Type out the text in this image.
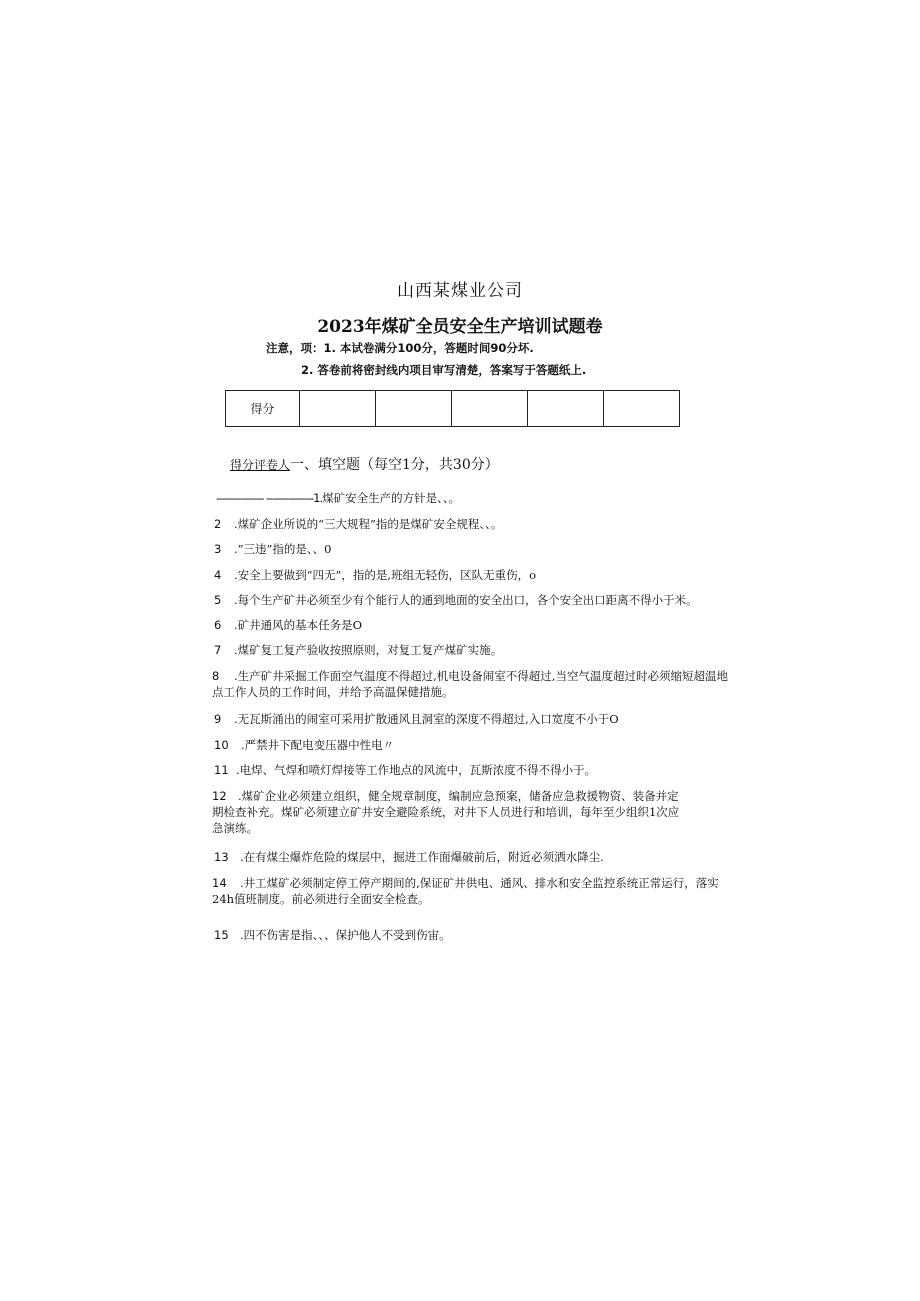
山西某煤业公司
2023年煤矿全员安全生产培训试题卷
注意，项：1. 本试卷满分100分，答题时间90分坏.
2. 答卷前将密封线内项目审写清楚，答案写于答题纸上.
得分					
得分评卷人一、填空题（每空1分，共30分）
--------------- ---------------1.煤矿安全生产的方针是、、。
2 .煤矿企业所说的“三大规程”指的是煤矿安全规程、、。
3 .”三违”指的是、、0
4 .安全上要做到“四无”，指的是,班组无轻伤，区队无重伤，o
5 .每个生产矿井必须至少有个能行人的通到地面的安全出口，各个安全出口距离不得小于米。
6 .矿井通风的基本任务是O
7 .煤矿复工复产验收按照原则，对复工复产煤矿实施。
8 .生产矿井采掘工作面空气温度不得超过,机电设备闹室不得超过,当空气温度超过时必须缩短超温地点工作人员的工作时间，并给予高温保健措施。
9 .无瓦斯涌出的闹室可采用扩散通风且洞室的深度不得超过,入口宽度不小于O
10 .严禁井下配电变压器中性电〃
11 .电焊、气焊和喷灯焊接等工作地点的风流中，瓦斯浓度不得不得小于。
12 .煤矿企业必须建立组织，健全规章制度，编制应急预案，储备应急救援物资、装备并定期检查补充。煤矿必须建立矿井安全避险系统，对井下人员进行和培训，每年至少组织1次应急演练。
13 .在有煤尘爆炸危险的煤层中，掘进工作面爆破前后，附近必须洒水降尘.
14 .井工煤矿必须制定停工停产期间的,保证矿井供电、通风、排水和安全监控系统正常运行，落实24h值班制度。前必须进行全面安全检查。
15 .四不伤害是指、、、保护他人不受到伤宙。
